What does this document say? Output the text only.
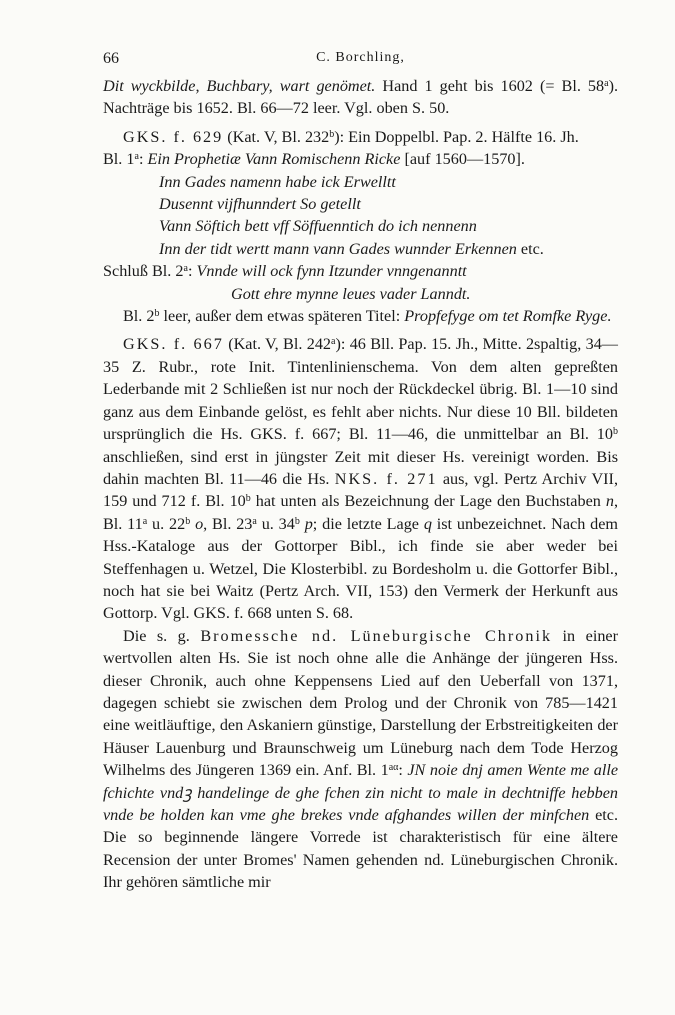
66	C. Borchling,

Dit wyckbilde, Buchbary, wart genömet. Hand 1 geht bis 1602 (= Bl. 58$^a$). Nachträge bis 1652. Bl. 66—72 leer. Vgl. oben S. 50.

GKS. f. 629 (Kat. V, Bl. 232$^b$): Ein Doppelbl. Pap. 2. Hälfte 16. Jh.

Bl. 1$^a$: Ein Prophetiæ Vann Romischenn Ricke [auf 1560—1570].
Inn Gades namenn habe ick Erwelltt
Dusennt vijfhunndert So getellt
Vann Söftich bett vff Söffuenntich do ich nennenn
Inn der tidt wertt mann vann Gades wunnder Erkennen etc.
Schluß Bl. 2$^a$: Vnnde will ock fynn Itzunder vnngenanntt
Gott ehre mynne leues vader Lanndt.

Bl. 2$^b$ leer, außer dem etwas späteren Titel: Propfefyge om tet Romfke Ryge.

GKS. f. 667 (Kat. V, Bl. 242$^a$): 46 Bll. Pap. 15. Jh., Mitte. 2spaltig, 34—35 Z. Rubr., rote Init. Tintenlinienschema. Von dem alten gepreßten Lederbande mit 2 Schließen ist nur noch der Rückdeckel übrig. Bl. 1—10 sind ganz aus dem Einbande gelöst, es fehlt aber nichts. Nur diese 10 Bll. bildeten ursprünglich die Hs. GKS. f. 667; Bl. 11—46, die unmittelbar an Bl. 10$^b$ anschließen, sind erst in jüngster Zeit mit dieser Hs. vereinigt worden. Bis dahin machten Bl. 11—46 die Hs. NKS. f. 271 aus, vgl. Pertz Archiv VII, 159 und 712 f. Bl. 10$^b$ hat unten als Bezeichnung der Lage den Buchstaben n, Bl. 11$^a$ u. 22$^b$ o, Bl. 23$^a$ u. 34$^b$ p; die letzte Lage q ist unbezeichnet. Nach dem Hss.-Kataloge aus der Gottorper Bibl., ich finde sie aber weder bei Steffenhagen u. Wetzel, Die Klosterbibl. zu Bordesholm u. die Gottorfer Bibl., noch hat sie bei Waitz (Pertz Arch. VII, 153) den Vermerk der Herkunft aus Gottorp. Vgl. GKS. f. 668 unten S. 68.

Die s. g. Bromessche nd. Lüneburgische Chronik in einer wertvollen alten Hs. Sie ist noch ohne alle die Anhänge der jüngeren Hss. dieser Chronik, auch ohne Keppensens Lied auf den Ueberfall von 1371, dagegen schiebt sie zwischen dem Prolog und der Chronik von 785—1421 eine weitläuftige, den Askaniern günstige, Darstellung der Erbstreitigkeiten der Häuser Lauenburg und Braunschweig um Lüneburg nach dem Tode Herzog Wilhelms des Jüngeren 1369 ein. Anf. Bl. $1^{a\alpha}$: JN noie dnj amen Wente me alle fchichte vndꝫ handelinge de ghe fchen zin nicht to male in dechtniffe hebben vnde be holden kan vme ghe brekes vnde afghandes willen der minfchen etc. Die so beginnende längere Vorrede ist charakteristisch für eine ältere Recension der unter Bromes' Namen gehenden nd. Lüneburgischen Chronik. Ihr gehören sämtliche mir
